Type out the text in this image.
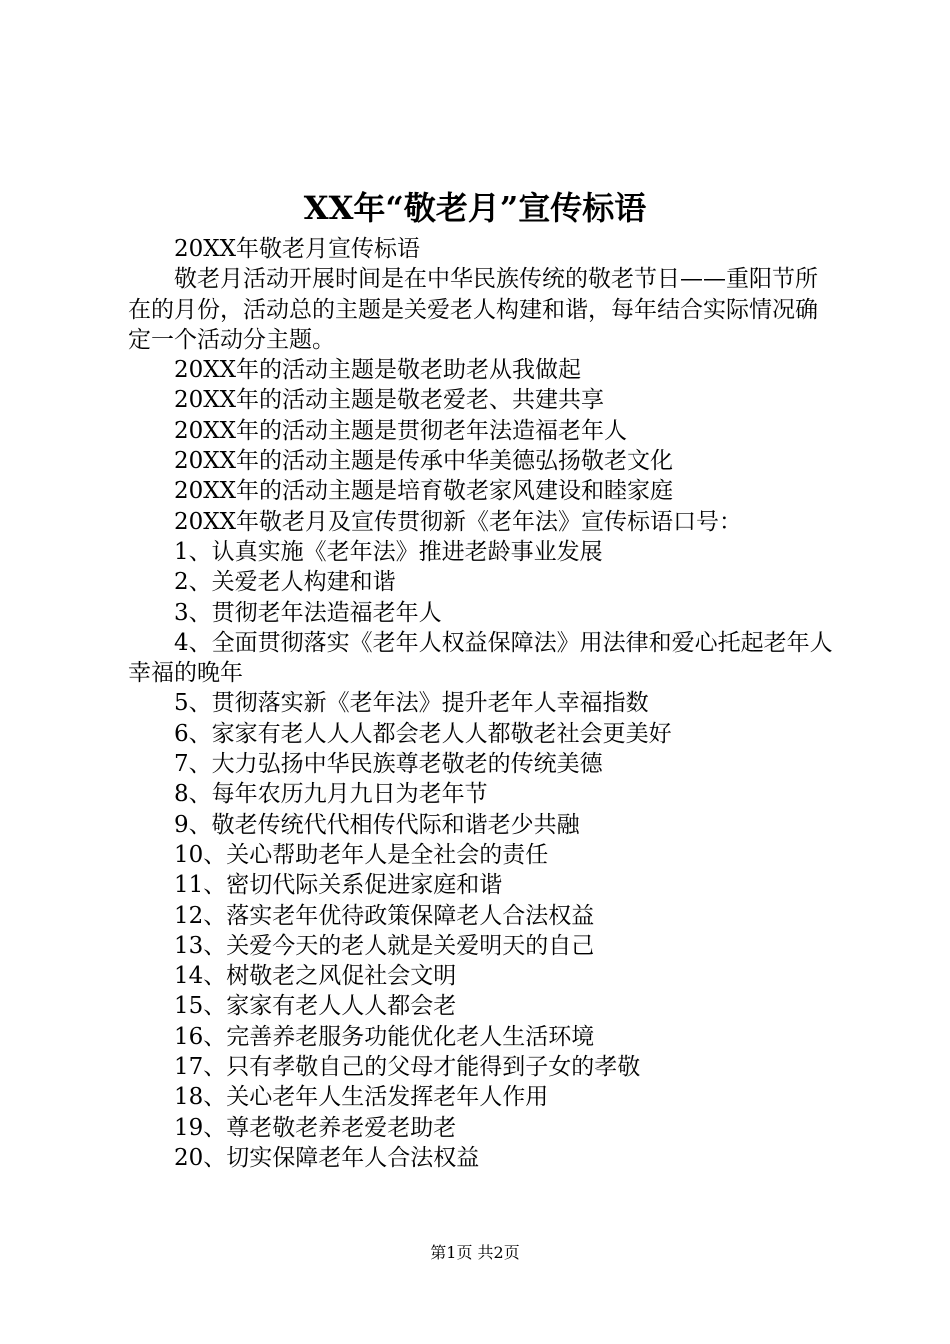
XX年“敬老月”宣传标语

20XX年敬老月宣传标语

敬老月活动开展时间是在中华民族传统的敬老节日——重阳节所在的月份，活动总的主题是关爱老人构建和谐，每年结合实际情况确定一个活动分主题。

20XX年的活动主题是敬老助老从我做起

20XX年的活动主题是敬老爱老、共建共享

20XX年的活动主题是贯彻老年法造福老年人

20XX年的活动主题是传承中华美德弘扬敬老文化

20XX年的活动主题是培育敬老家风建设和睦家庭

20XX年敬老月及宣传贯彻新《老年法》宣传标语口号：

1、认真实施《老年法》推进老龄事业发展

2、关爱老人构建和谐

3、贯彻老年法造福老年人

4、全面贯彻落实《老年人权益保障法》用法律和爱心托起老年人幸福的晚年

5、贯彻落实新《老年法》提升老年人幸福指数

6、家家有老人人人都会老人人都敬老社会更美好

7、大力弘扬中华民族尊老敬老的传统美德

8、每年农历九月九日为老年节

9、敬老传统代代相传代际和谐老少共融

10、关心帮助老年人是全社会的责任

11、密切代际关系促进家庭和谐

12、落实老年优待政策保障老人合法权益

13、关爱今天的老人就是关爱明天的自己

14、树敬老之风促社会文明

15、家家有老人人人都会老

16、完善养老服务功能优化老人生活环境

17、只有孝敬自己的父母才能得到子女的孝敬

18、关心老年人生活发挥老年人作用

19、尊老敬老养老爱老助老

20、切实保障老年人合法权益

第1页 共2页
